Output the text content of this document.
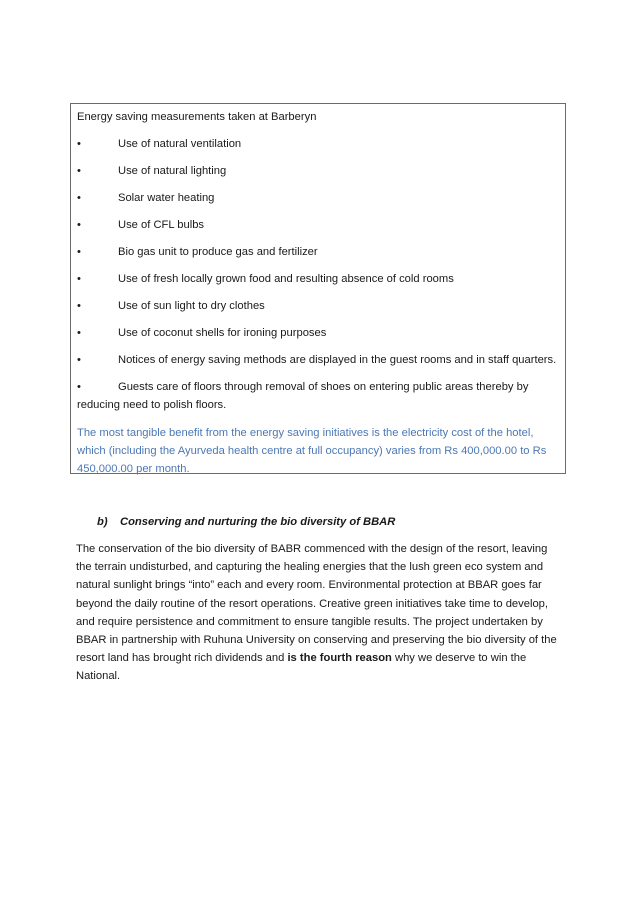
Energy saving measurements taken at Barberyn

•	Use of natural ventilation
•	Use of natural lighting
•	Solar water heating
•	Use of CFL bulbs
•	Bio gas unit to produce gas and fertilizer
•	Use of fresh locally grown food and resulting absence of cold rooms
•	Use of sun light to dry clothes
•	Use of coconut shells for ironing purposes
•	Notices of energy saving methods are displayed in the guest rooms and in staff quarters.
•	Guests care of floors through removal of shoes on entering public areas thereby by reducing need to polish floors.
The most tangible benefit from the energy saving initiatives is the electricity cost of the hotel, which (including the Ayurveda health centre at full occupancy) varies from Rs 400,000.00 to Rs 450,000.00 per month.

b)    Conserving and nurturing the bio diversity of BBAR

The conservation of the bio diversity of BABR commenced with the design of the resort, leaving the terrain undisturbed, and capturing the healing energies that the lush green eco system and natural sunlight brings “into” each and every room. Environmental protection at BBAR goes far beyond the daily routine of the resort operations. Creative green initiatives take time to develop, and require persistence and commitment to ensure tangible results. The project undertaken by BBAR in partnership with Ruhuna University on conserving and preserving the bio diversity of the resort land has brought rich dividends and is the fourth reason why we deserve to win the National.
